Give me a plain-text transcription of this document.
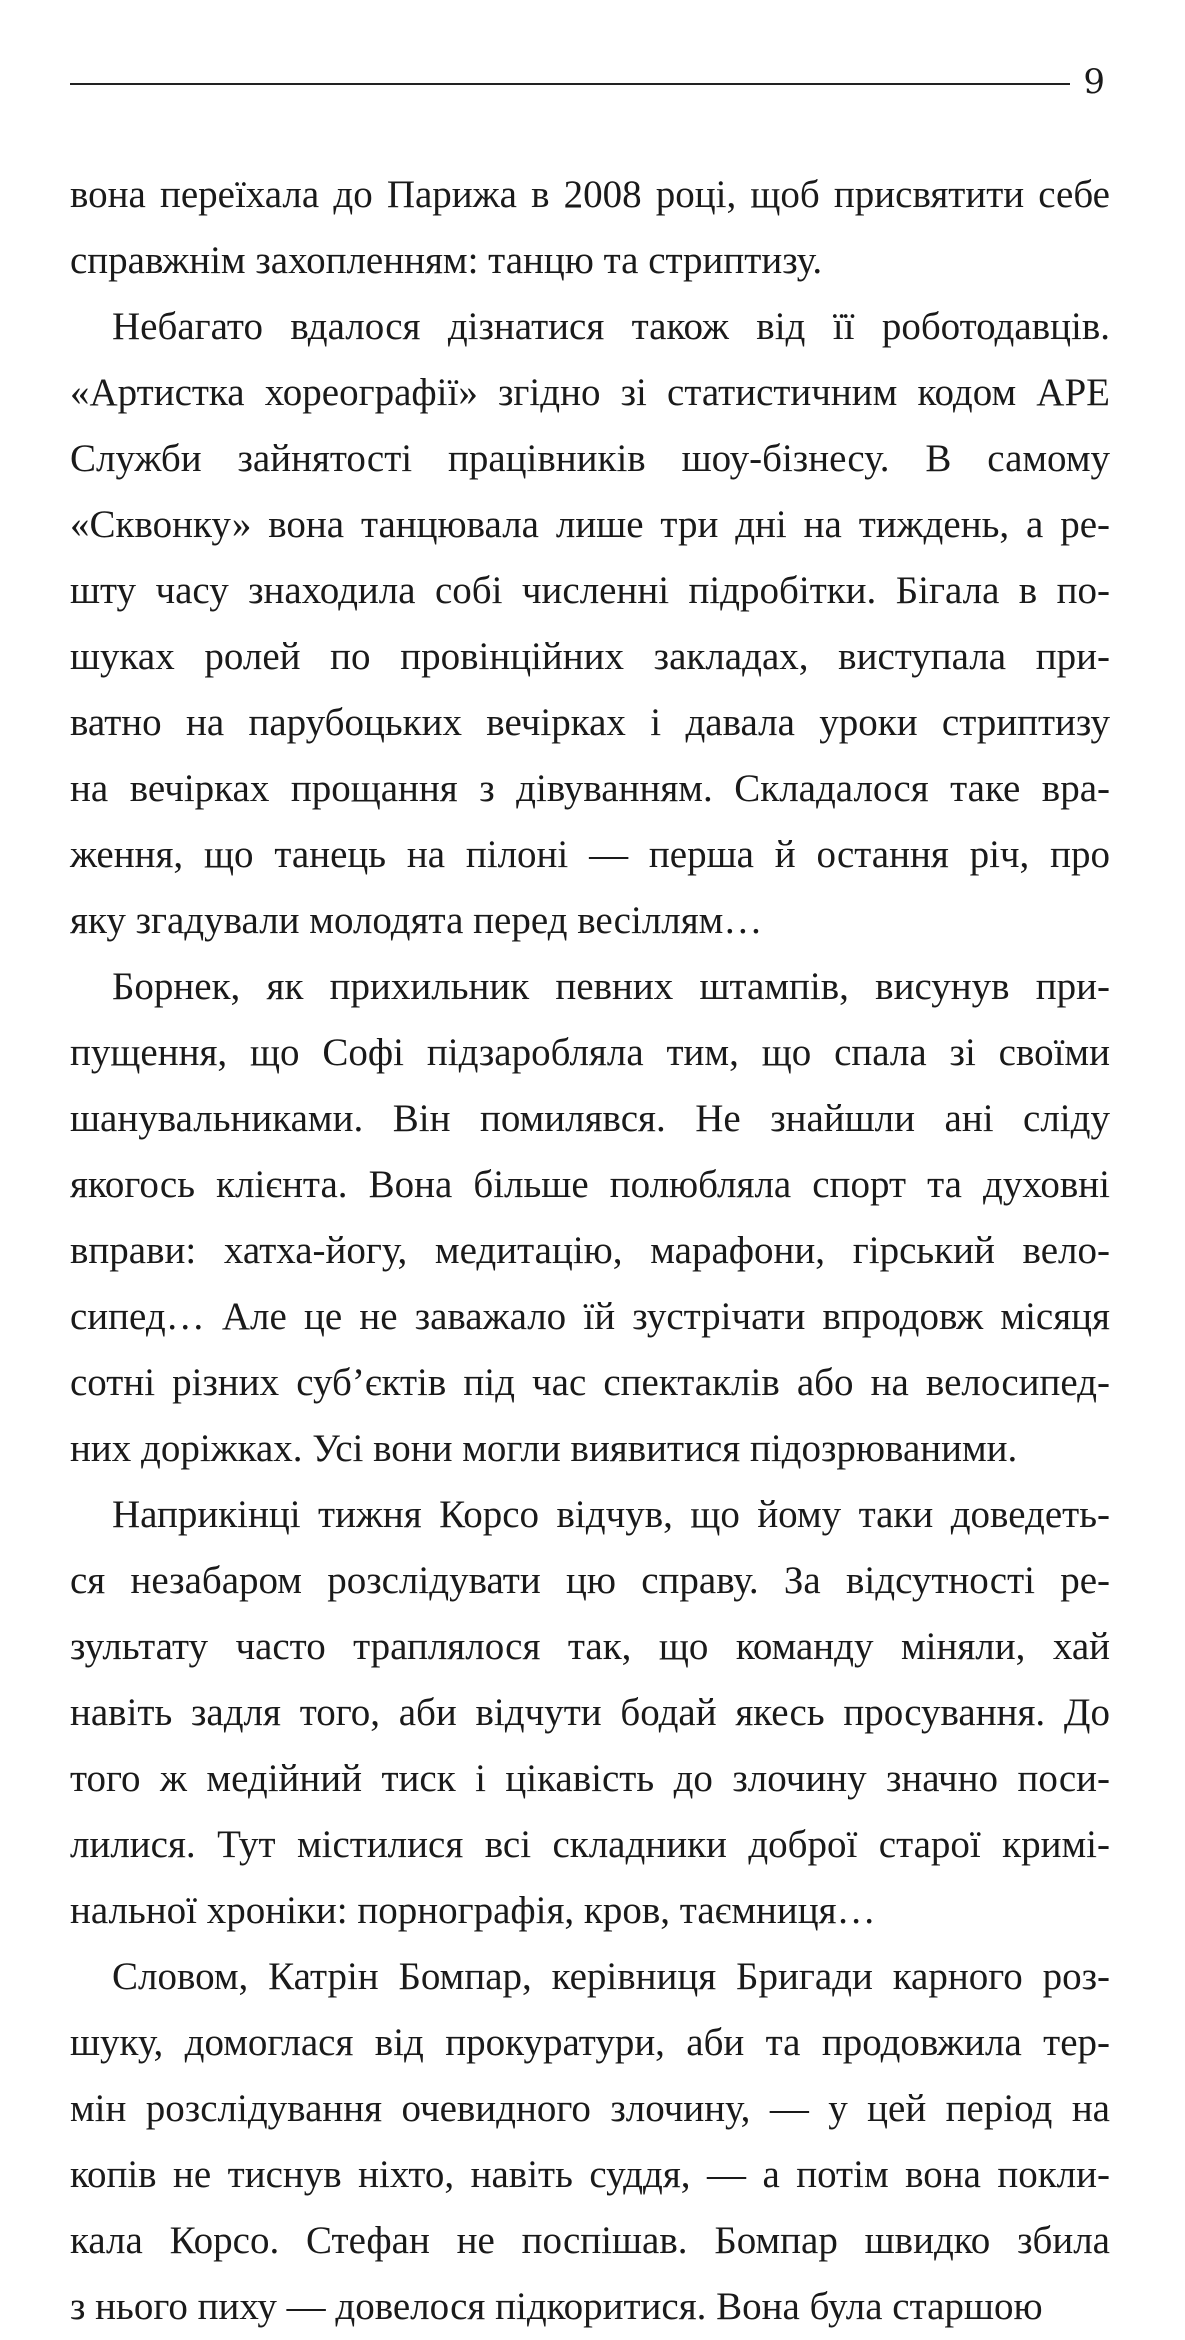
9

вона переїхала до Парижа в 2008 році, щоб присвятити себе
справжнім захопленням: танцю та стриптизу.

Небагато вдалося дізнатися також від її роботодавців.
«Артистка хореографії» згідно зі статистичним кодом APE
Служби зайнятості працівників шоу-бізнесу. В самому
«Сквонку» вона танцювала лише три дні на тиждень, а ре-
шту часу знаходила собі численні підробітки. Бігала в по-
шуках ролей по провінційних закладах, виступала при-
ватно на парубоцьких вечірках і давала уроки стриптизу
на вечірках прощання з дівуванням. Складалося таке вра-
ження, що танець на пілоні — перша й остання річ, про
яку згадували молодята перед весіллям…

Борнек, як прихильник певних штампів, висунув при-
пущення, що Софі підзаробляла тим, що спала зі своїми
шанувальниками. Він помилявся. Не знайшли ані сліду
якогось клієнта. Вона більше полюбляла спорт та духовні
вправи: хатха-йогу, медитацію, марафони, гірський вело-
сипед… Але це не заважало їй зустрічати впродовж місяця
сотні різних суб’єктів під час спектаклів або на велосипед-
них доріжках. Усі вони могли виявитися підозрюваними.

Наприкінці тижня Корсо відчув, що йому таки доведеть-
ся незабаром розслідувати цю справу. За відсутності ре-
зультату часто траплялося так, що команду міняли, хай
навіть задля того, аби відчути бодай якесь просування. До
того ж медійний тиск і цікавість до злочину значно поси-
лилися. Тут містилися всі складники доброї старої кримі-
нальної хроніки: порнографія, кров, таємниця…

Словом, Катрін Бомпар, керівниця Бригади карного роз-
шуку, домоглася від прокуратури, аби та продовжила тер-
мін розслідування очевидного злочину, — у цей період на
копів не тиснув ніхто, навіть суддя, — а потім вона покли-
кала Корсо. Стефан не поспішав. Бомпар швидко збила
з нього пиху — довелося підкоритися. Вона була старшою
